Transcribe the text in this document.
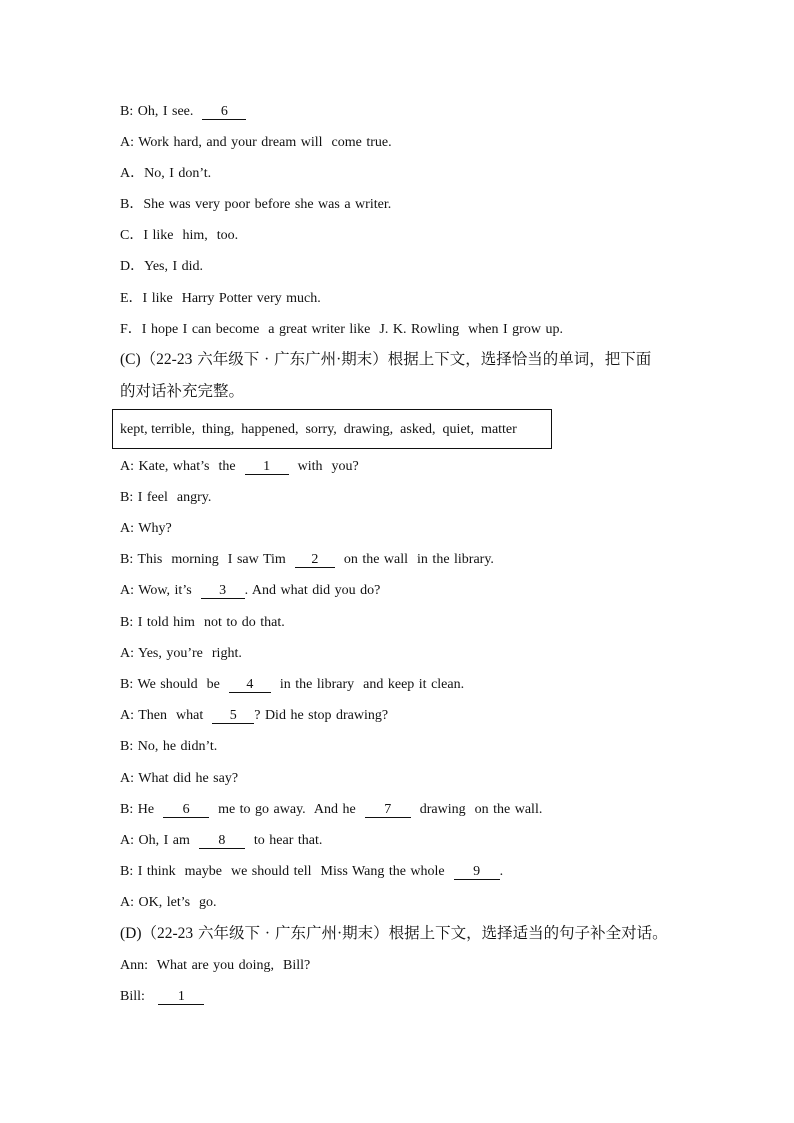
B: Oh, I see.  6
A: Work hard, and your dream will  come true.
A．No, I don’t.
B．She was very poor before she was a writer.
C．I like  him,  too.
D．Yes, I did.
E．I like  Harry Potter very much.
F．I hope I can become  a great writer like  J. K. Rowling  when I grow up.
(C)（22-23 六年级下 · 广东广州·期末）根据上下文，选择恰当的单词，把下面
的对话补充完整。
kept, terrible,  thing,  happened,  sorry,  drawing,  asked,  quiet,  matter
A: Kate, what’s  the  1  with  you?
B: I feel  angry.
A: Why?
B: This  morning  I saw Tim  2  on the wall  in the library.
A: Wow, it’s  3 . And what did you do?
B: I told him  not to do that.
A: Yes, you’re  right.
B: We should  be  4  in the library  and keep it clean.
A: Then  what  5 ? Did he stop drawing?
B: No, he didn’t.
A: What did he say?
B: He  6  me to go away.  And he  7  drawing  on the wall.
A: Oh, I am  8  to hear that.
B: I think  maybe  we should tell  Miss Wang the whole  9 .
A: OK, let’s  go.
(D)（22-23 六年级下 · 广东广州·期末）根据上下文，选择适当的句子补全对话。
Ann:  What are you doing,  Bill?
Bill:   1
